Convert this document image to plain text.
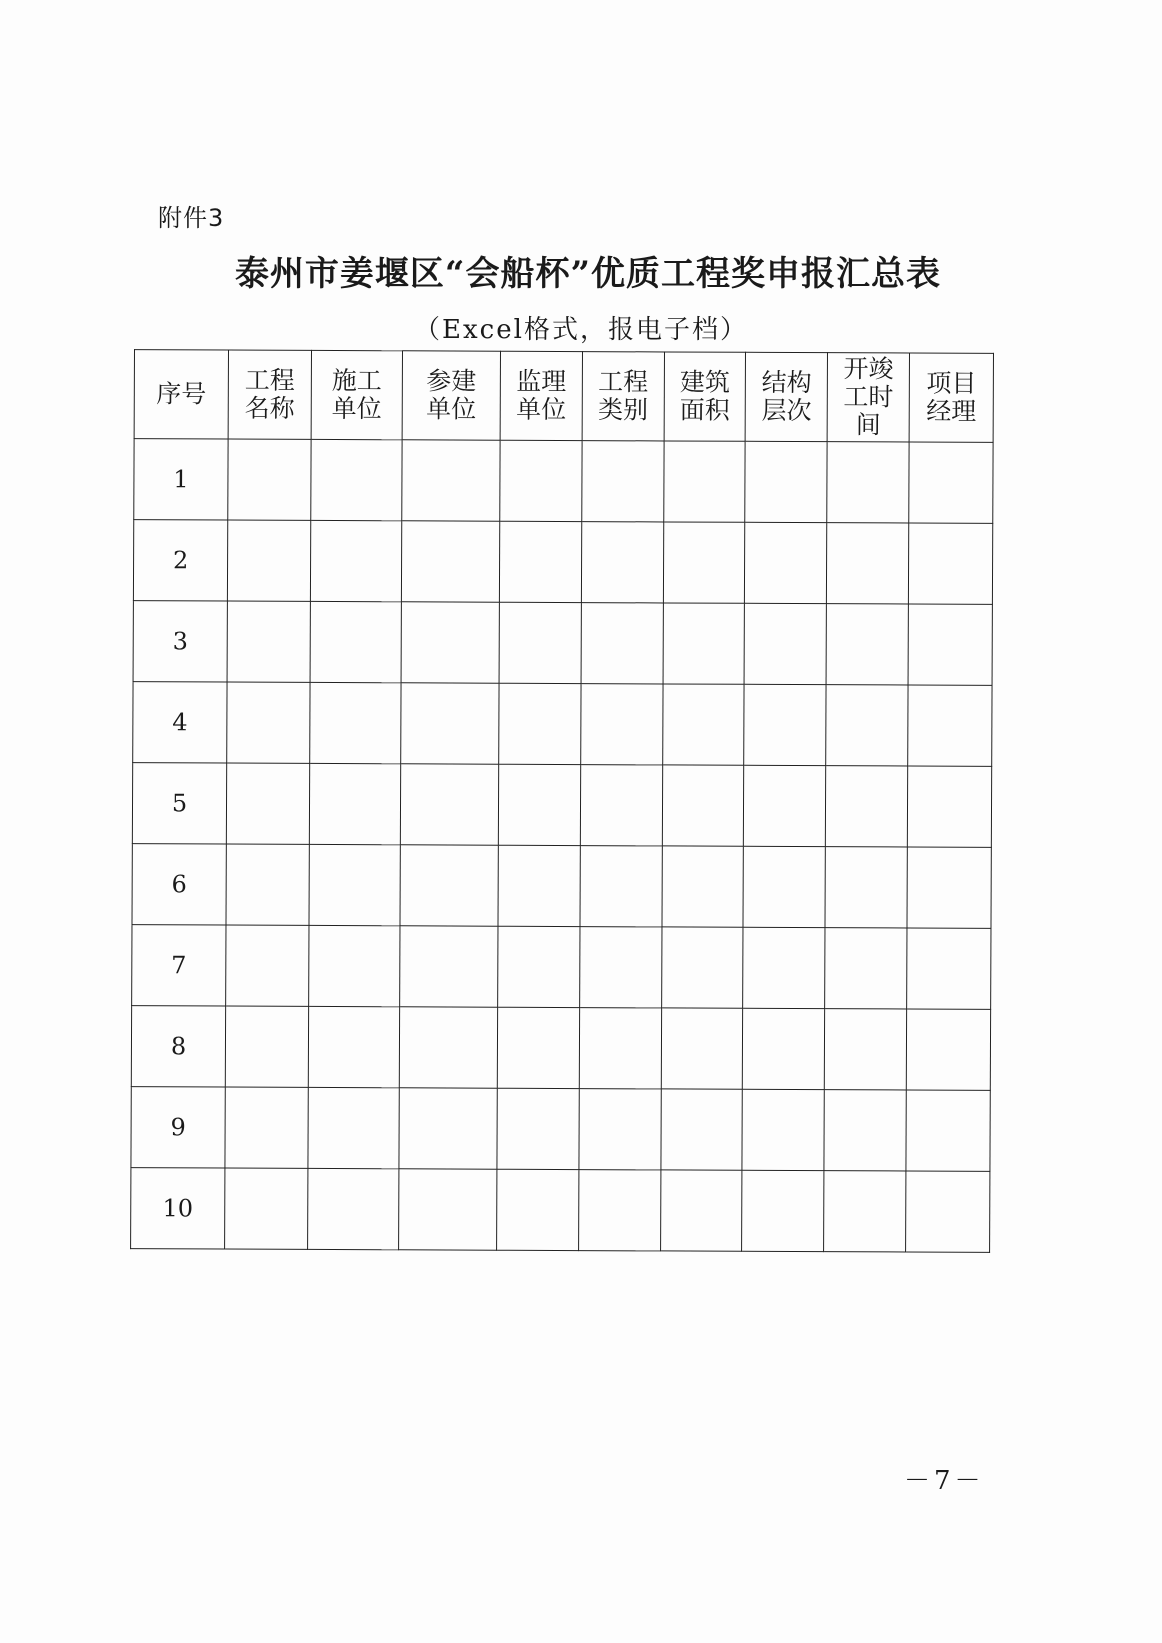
附件3
泰州市姜堰区“会船杯”优质工程奖申报汇总表
（Excel格式，报电子档）
序号	工程名称	施工单位	参建单位	监理单位	工程类别	建筑面积	结构层次	开竣工时间	项目经理
1									
2									
3									
4									
5									
6									
7									
8									
9									
10									
－7－
